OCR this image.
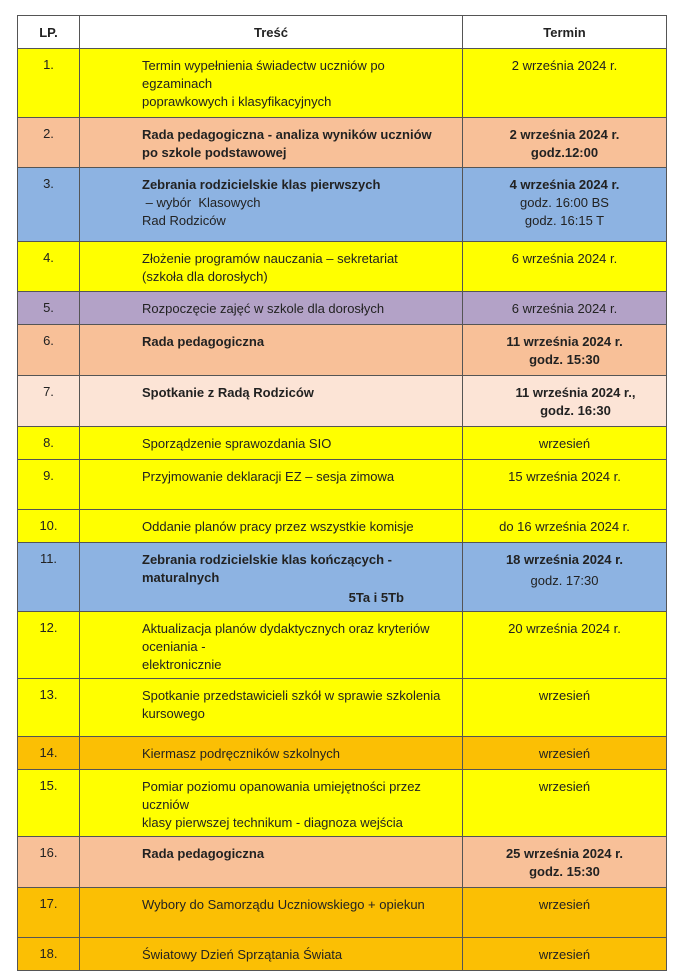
LP.	Treść	Termin
1.	Termin wypełnienia świadectw uczniów po egzaminach
poprawkowych i klasyfikacyjnych	2 września 2024 r.

2.	Rada pedagogiczna - analiza wyników uczniów
po szkole podstawowej	2 września 2024 r.
godz.12:00

3.	Zebrania rodzicielskie klas pierwszych – wybór  Klasowych
Rad Rodziców	4 września 2024 r.
godz. 16:00 BS
godz. 16:15 T

4.	Złożenie programów nauczania – sekretariat
(szkoła dla dorosłych)	6 września 2024 r.

5.	Rozpoczęcie zajęć w szkole dla dorosłych	6 września 2024 r.

6.	Rada pedagogiczna	11 września 2024 r.
godz. 15:30

7.	Spotkanie z Radą Rodziców	11 września 2024 r.,
godz. 16:30

8.	Sporządzenie sprawozdania SIO	wrzesień

9.	Przyjmowanie deklaracji EZ – sesja zimowa	15 września 2024 r.

10.	Oddanie planów pracy przez wszystkie komisje	do 16 września 2024 r.

11.	Zebrania rodzicielskie klas kończących - maturalnych
5Ta i 5Tb	18 września 2024 r.
godz. 17:30

12.	Aktualizacja planów dydaktycznych oraz kryteriów oceniania -
elektronicznie	20 września 2024 r.

13.	Spotkanie przedstawicieli szkół w sprawie szkolenia kursowego	wrzesień

14.	Kiermasz podręczników szkolnych	wrzesień

15.	Pomiar poziomu opanowania umiejętności przez uczniów
klasy pierwszej technikum - diagnoza wejścia	wrzesień

16.	Rada pedagogiczna	25 września 2024 r.
godz. 15:30

17.	Wybory do Samorządu Uczniowskiego + opiekun	wrzesień

18.	Światowy Dzień Sprzątania Świata	wrzesień
